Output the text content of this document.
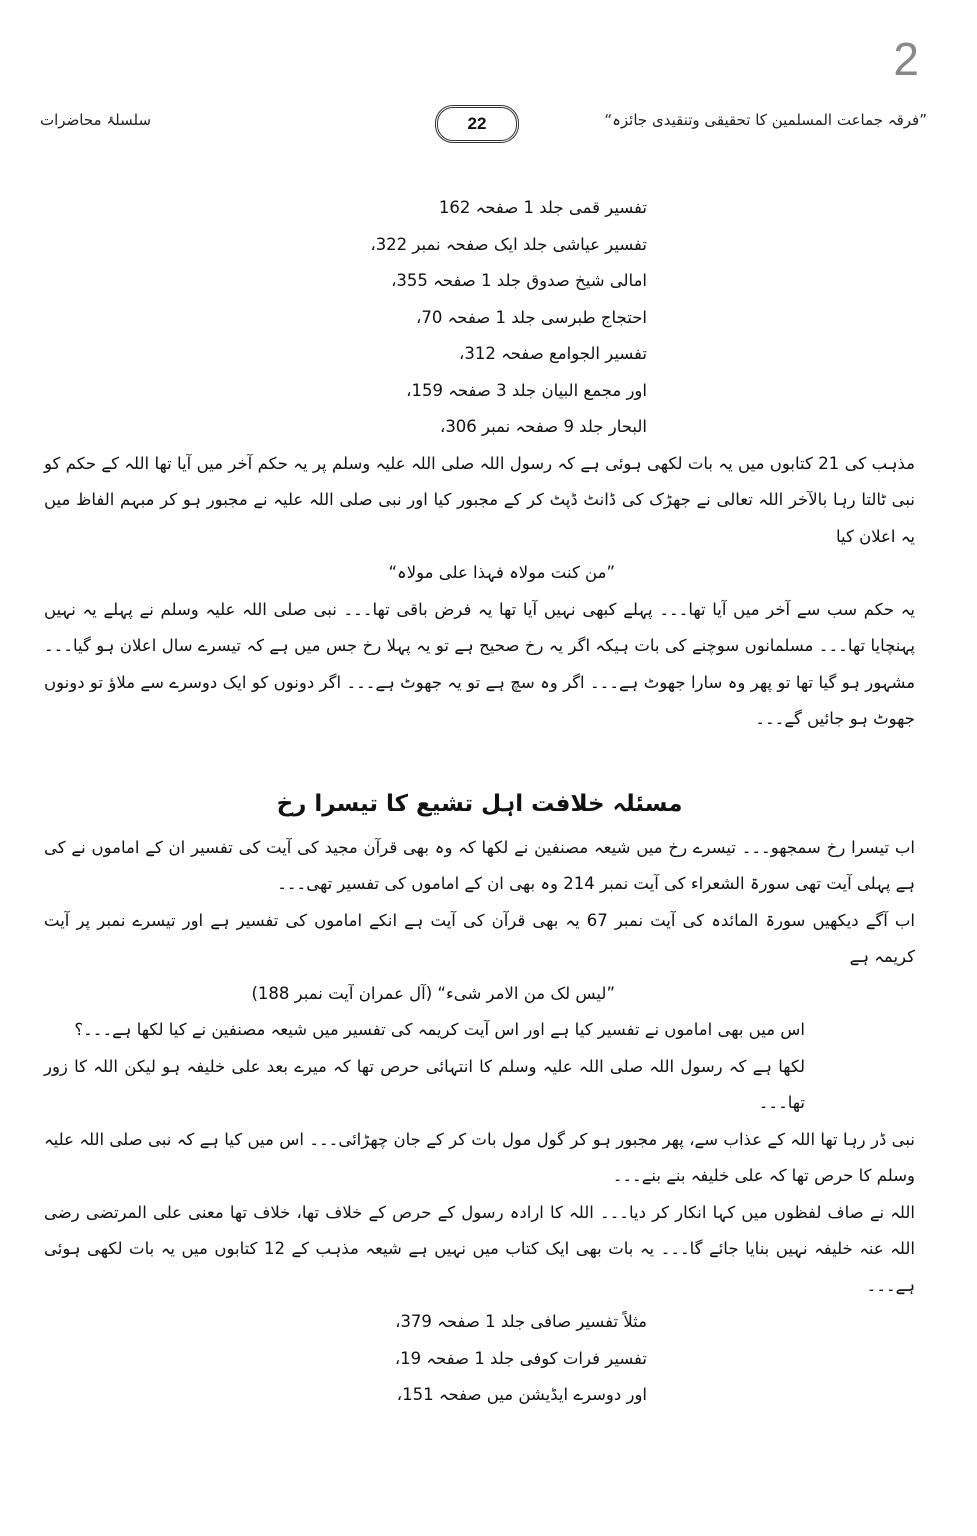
2
سلسلۂ محاضرات	22	”فرقہ جماعت المسلمین کا تحقیقی وتنقیدی جائزہ“
تفسیر قمی جلد 1 صفحہ 162
تفسیر عیاشی جلد ایک صفحہ نمبر 322،
امالی شیخ صدوق جلد 1 صفحہ 355،
احتجاج طبرسی جلد 1 صفحہ 70،
تفسیر الجوامع صفحہ 312،
اور مجمع البیان جلد 3 صفحہ 159،
البحار جلد 9 صفحہ نمبر 306،
مذہب کی 21 کتابوں میں یہ بات لکھی ہوئی ہے کہ رسول اللہ صلی اللہ علیہ وسلم پر یہ حکم آخر میں آیا تھا اللہ کے حکم کو نبی ٹالتا رہا بالآخر اللہ تعالی نے جھڑک کی ڈانٹ ڈپٹ کر کے مجبور کیا اور نبی صلی اللہ علیہ نے مجبور ہو کر مبہم الفاظ میں یہ اعلان کیا
”من کنت مولاہ فہذا علی مولاہ“
یہ حکم سب سے آخر میں آیا تھا۔۔۔ پہلے کبھی نہیں آیا تھا یہ فرض باقی تھا۔۔۔ نبی صلی اللہ علیہ وسلم نے پہلے یہ نہیں پہنچایا تھا۔۔۔ مسلمانوں سوچنے کی بات ہیکہ اگر یہ رخ صحیح ہے تو یہ پہلا رخ جس میں ہے کہ تیسرے سال اعلان ہو گیا۔۔۔ مشہور ہو گیا تھا تو پھر وہ سارا جھوٹ ہے۔۔۔ اگر وہ سچ ہے تو یہ جھوٹ ہے۔۔۔ اگر دونوں کو ایک دوسرے سے ملاؤ تو دونوں جھوٹ ہو جائیں گے۔۔۔
مسئلہ خلافت اہل تشیع کا تیسرا رخ
اب تیسرا رخ سمجھو۔۔۔ تیسرے رخ میں شیعہ مصنفین نے لکھا کہ وہ بھی قرآن مجید کی آیت کی تفسیر ان کے اماموں نے کی ہے پہلی آیت تھی سورۃ الشعراء کی آیت نمبر 214 وہ بھی ان کے اماموں کی تفسیر تھی۔۔۔
اب آگے دیکھیں سورۃ المائدہ کی آیت نمبر 67 یہ بھی قرآن کی آیت ہے انکے اماموں کی تفسیر ہے اور تیسرے نمبر پر آیت کریمہ ہے
”لیس لک من الامر شیء“ (آل عمران آیت نمبر 188)
اس میں بھی اماموں نے تفسیر کیا ہے اور اس آیت کریمہ کی تفسیر میں شیعہ مصنفین نے کیا لکھا ہے۔۔۔؟
لکھا ہے کہ رسول اللہ صلی اللہ علیہ وسلم کا انتہائی حرص تھا کہ میرے بعد علی خلیفہ ہو لیکن اللہ کا زور تھا۔۔۔
نبی ڈر رہا تھا اللہ کے عذاب سے، پھر مجبور ہو کر گول مول بات کر کے جان چھڑائی۔۔۔ اس میں کیا ہے کہ نبی صلی اللہ علیہ وسلم کا حرص تھا کہ علی خلیفہ بنے بنے۔۔۔
اللہ نے صاف لفظوں میں کہا انکار کر دیا۔۔۔ اللہ کا ارادہ رسول کے حرص کے خلاف تھا، خلاف تھا معنی علی المرتضی رضی اللہ عنہ خلیفہ نہیں بنایا جائے گا۔۔۔ یہ بات بھی ایک کتاب میں نہیں ہے شیعہ مذہب کے 12 کتابوں میں یہ بات لکھی ہوئی ہے۔۔۔
مثلاً تفسیر صافی جلد 1 صفحہ 379،
تفسیر فرات کوفی جلد 1 صفحہ 19،
اور دوسرے ایڈیشن میں صفحہ 151،
